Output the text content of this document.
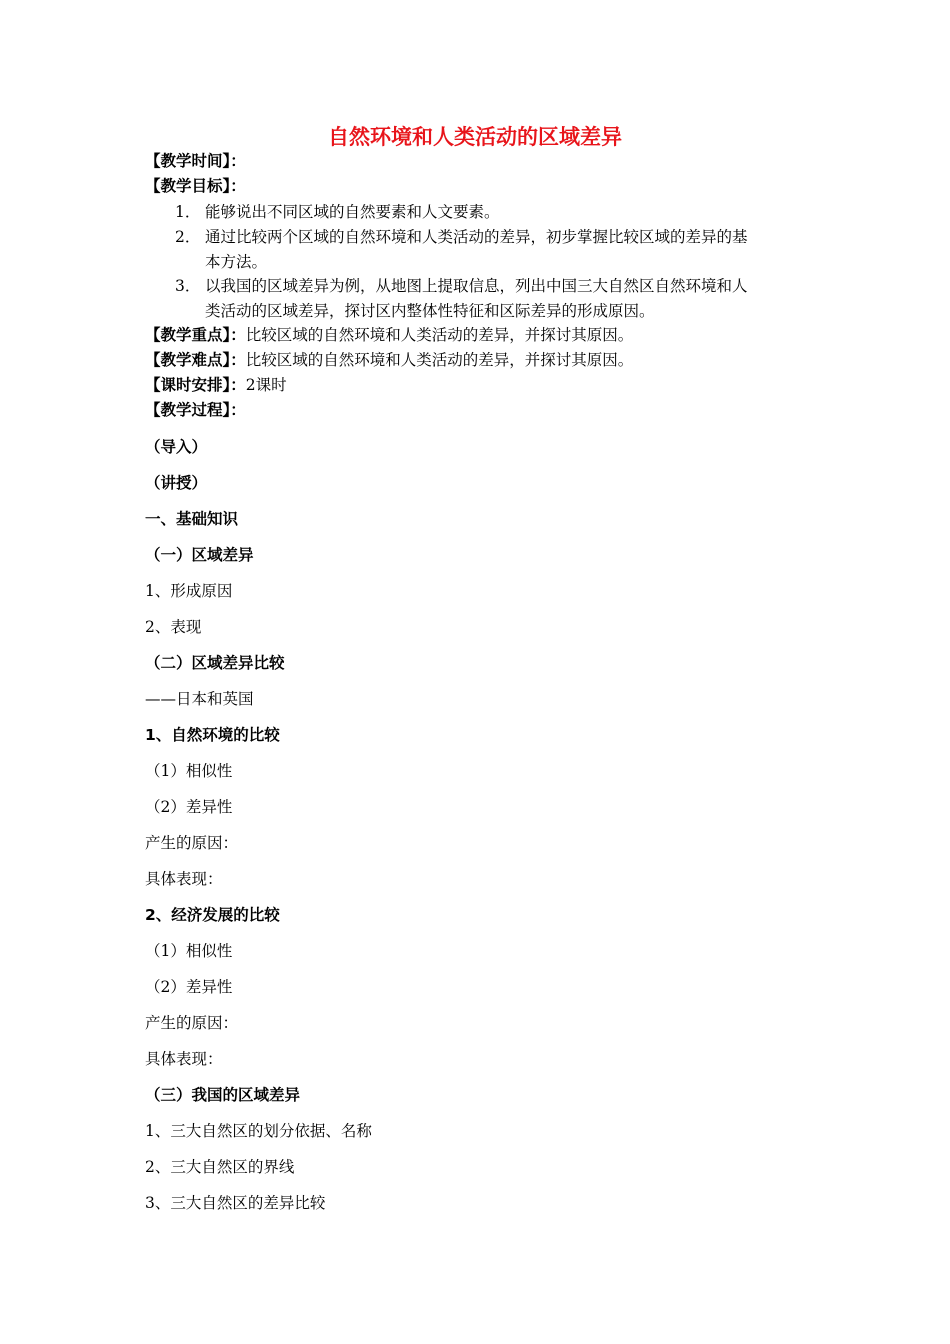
自然环境和人类活动的区域差异
【教学时间】：
【教学目标】：
1． 能够说出不同区域的自然要素和人文要素。
2． 通过比较两个区域的自然环境和人类活动的差异，初步掌握比较区域的差异的基
本方法。
3． 以我国的区域差异为例，从地图上提取信息，列出中国三大自然区自然环境和人
类活动的区域差异，探讨区内整体性特征和区际差异的形成原因。
【教学重点】：比较区域的自然环境和人类活动的差异，并探讨其原因。
【教学难点】：比较区域的自然环境和人类活动的差异，并探讨其原因。
【课时安排】：2课时
【教学过程】：
（导入）
（讲授）
一、基础知识
（一）区域差异
1、形成原因
2、表现
（二）区域差异比较
——日本和英国
1、自然环境的比较
（1）相似性
（2）差异性
产生的原因：
具体表现：
2、经济发展的比较
（1）相似性
（2）差异性
产生的原因：
具体表现：
（三）我国的区域差异
1、三大自然区的划分依据、名称
2、三大自然区的界线
3、三大自然区的差异比较
